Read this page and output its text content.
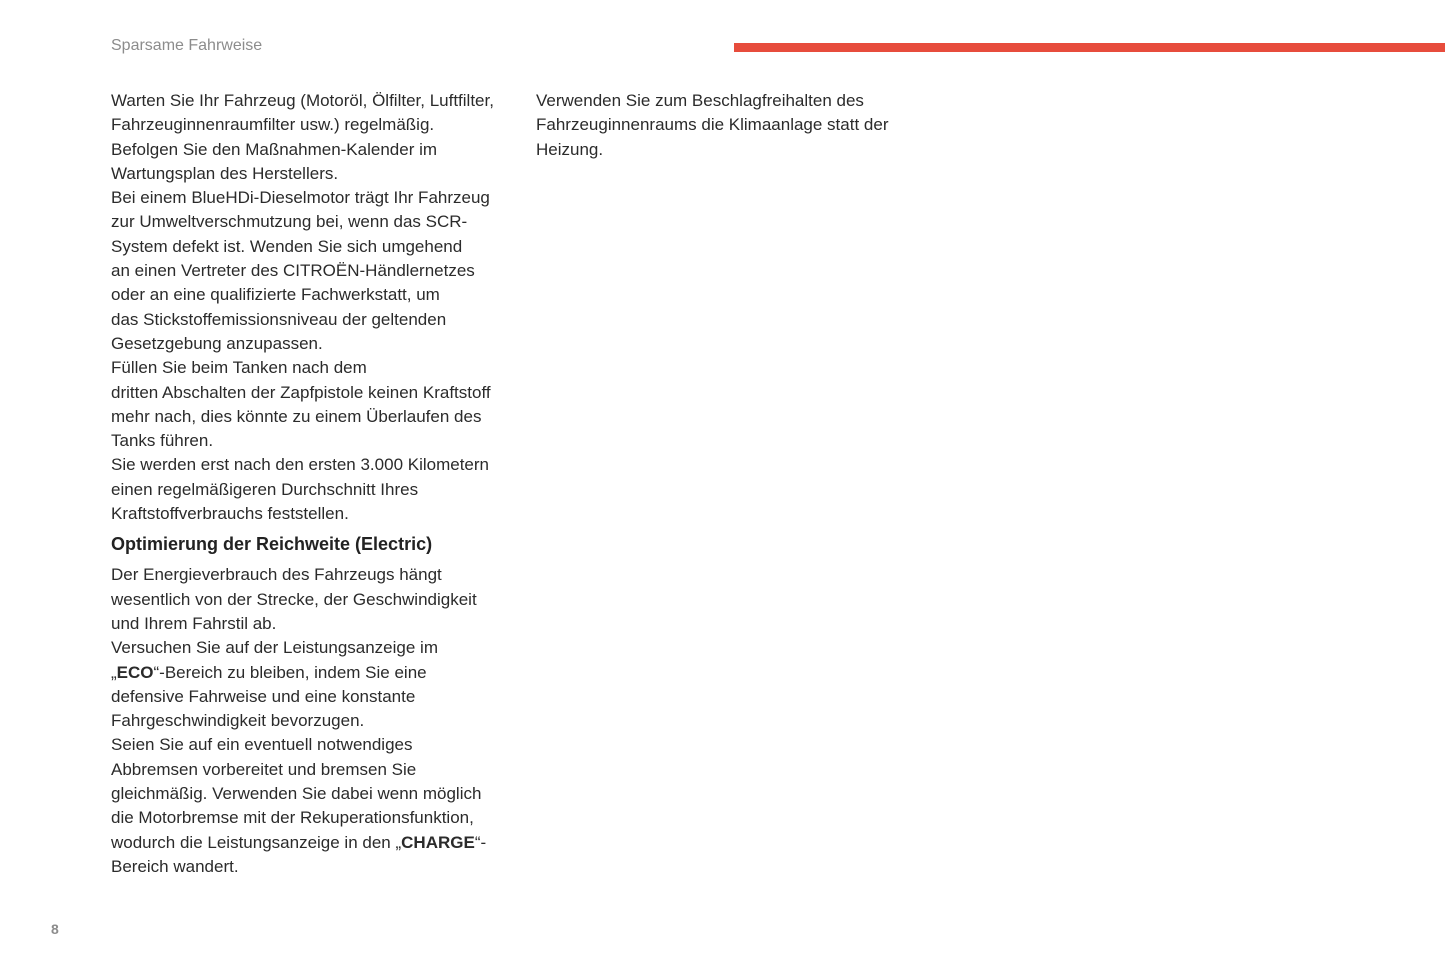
Sparsame Fahrweise

Warten Sie Ihr Fahrzeug (Motoröl, Ölfilter, Luftfilter,
Fahrzeuginnenraumfilter usw.) regelmäßig.
Befolgen Sie den Maßnahmen-Kalender im
Wartungsplan des Herstellers.

Bei einem BlueHDi-Dieselmotor trägt Ihr Fahrzeug
zur Umweltverschmutzung bei, wenn das SCR-
System defekt ist. Wenden Sie sich umgehend
an einen Vertreter des CITROËN-Händlernetzes
oder an eine qualifizierte Fachwerkstatt, um
das Stickstoffemissionsniveau der geltenden
Gesetzgebung anzupassen.

Füllen Sie beim Tanken nach dem
dritten Abschalten der Zapfpistole keinen Kraftstoff
mehr nach, dies könnte zu einem Überlaufen des
Tanks führen.

Sie werden erst nach den ersten 3.000 Kilometern
einen regelmäßigeren Durchschnitt Ihres
Kraftstoffverbrauchs feststellen.

Optimierung der Reichweite (Electric)

Der Energieverbrauch des Fahrzeugs hängt
wesentlich von der Strecke, der Geschwindigkeit
und Ihrem Fahrstil ab.

Versuchen Sie auf der Leistungsanzeige im
„ECO“-Bereich zu bleiben, indem Sie eine
defensive Fahrweise und eine konstante
Fahrgeschwindigkeit bevorzugen.

Seien Sie auf ein eventuell notwendiges
Abbremsen vorbereitet und bremsen Sie
gleichmäßig. Verwenden Sie dabei wenn möglich
die Motorbremse mit der Rekuperationsfunktion,
wodurch die Leistungsanzeige in den „CHARGE“-
Bereich wandert.

Verwenden Sie zum Beschlagfreihalten des
Fahrzeuginnenraums die Klimaanlage statt der
Heizung.

8
